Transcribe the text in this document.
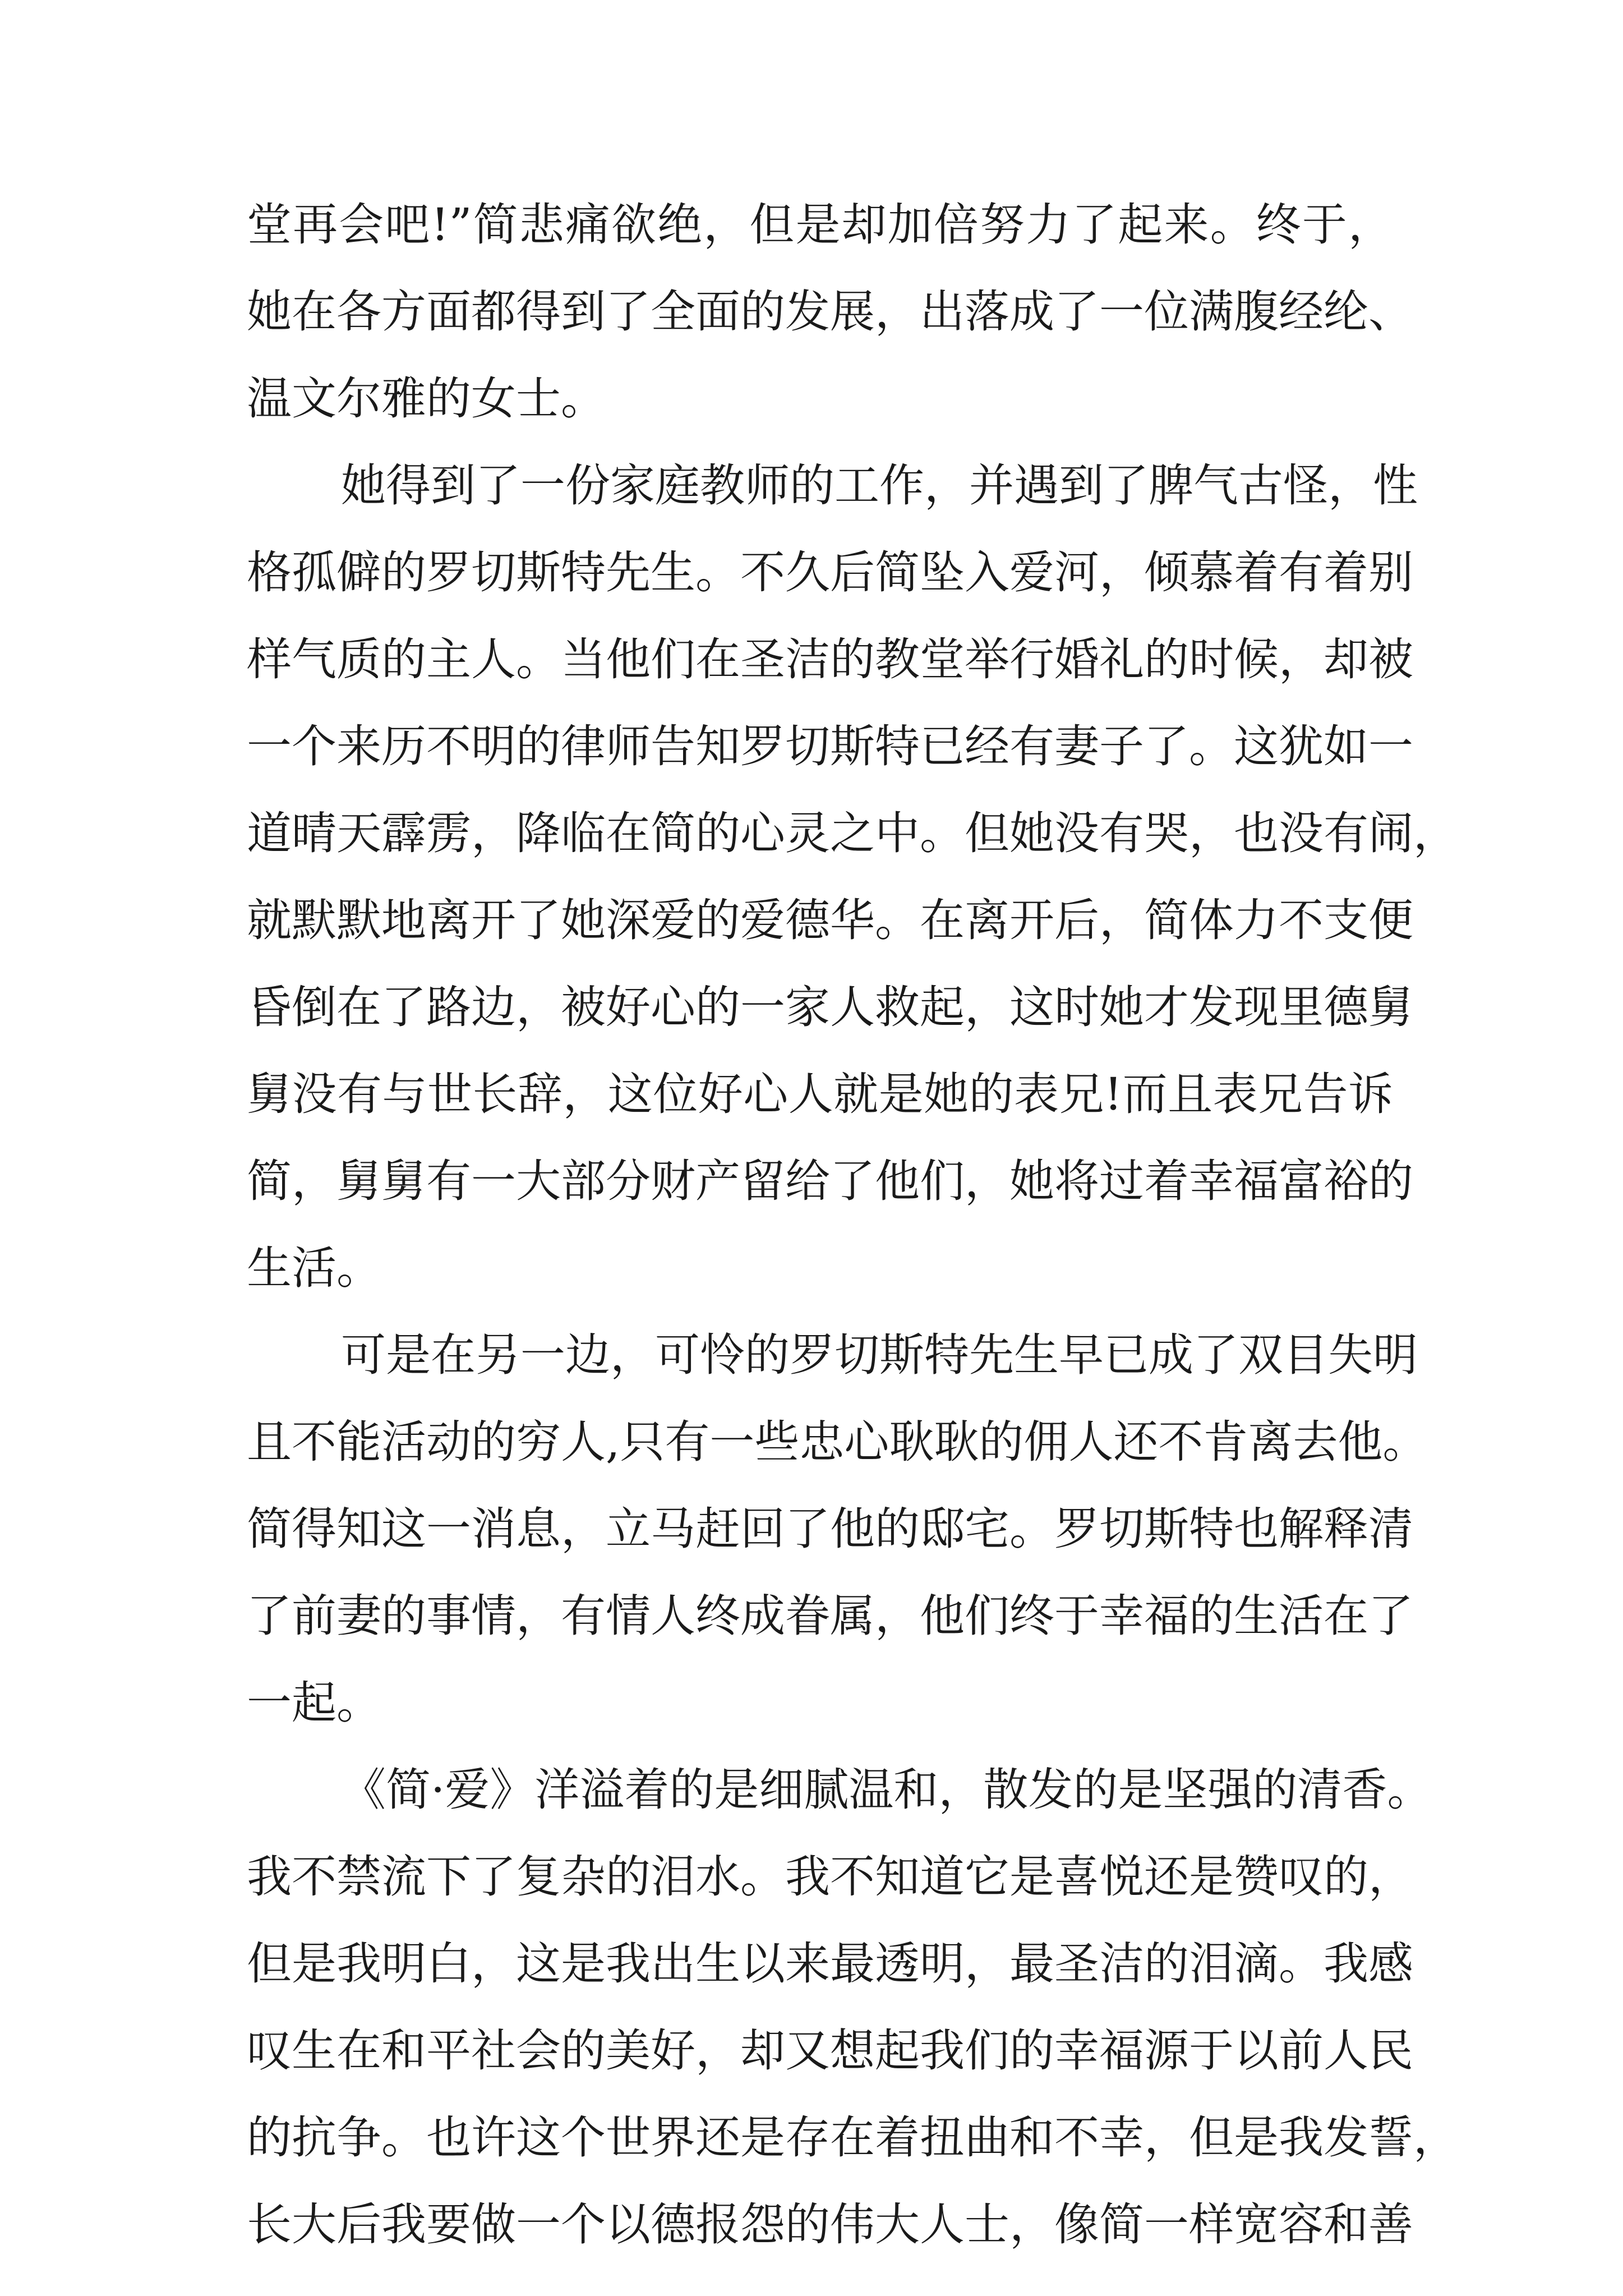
堂再会吧!”简悲痛欲绝，但是却加倍努力了起来。终于，
她在各方面都得到了全面的发展，出落成了一位满腹经纶、
温文尔雅的女士。
她得到了一份家庭教师的工作，并遇到了脾气古怪，性
格孤僻的罗切斯特先生。不久后简坠入爱河，倾慕着有着别
样气质的主人。当他们在圣洁的教堂举行婚礼的时候，却被
一个来历不明的律师告知罗切斯特已经有妻子了。这犹如一
道晴天霹雳，降临在简的心灵之中。但她没有哭，也没有闹，
就默默地离开了她深爱的爱德华。在离开后，简体力不支便
昏倒在了路边，被好心的一家人救起，这时她才发现里德舅
舅没有与世长辞，这位好心人就是她的表兄!而且表兄告诉
简，舅舅有一大部分财产留给了他们，她将过着幸福富裕的
生活。
可是在另一边，可怜的罗切斯特先生早已成了双目失明
且不能活动的穷人,只有一些忠心耿耿的佣人还不肯离去他。
简得知这一消息，立马赶回了他的邸宅。罗切斯特也解释清
了前妻的事情，有情人终成眷属，他们终于幸福的生活在了
一起。
《简·爱》洋溢着的是细腻温和，散发的是坚强的清香。
我不禁流下了复杂的泪水。我不知道它是喜悦还是赞叹的，
但是我明白，这是我出生以来最透明，最圣洁的泪滴。我感
叹生在和平社会的美好，却又想起我们的幸福源于以前人民
的抗争。也许这个世界还是存在着扭曲和不幸，但是我发誓，
长大后我要做一个以德报怨的伟大人士，像简一样宽容和善
